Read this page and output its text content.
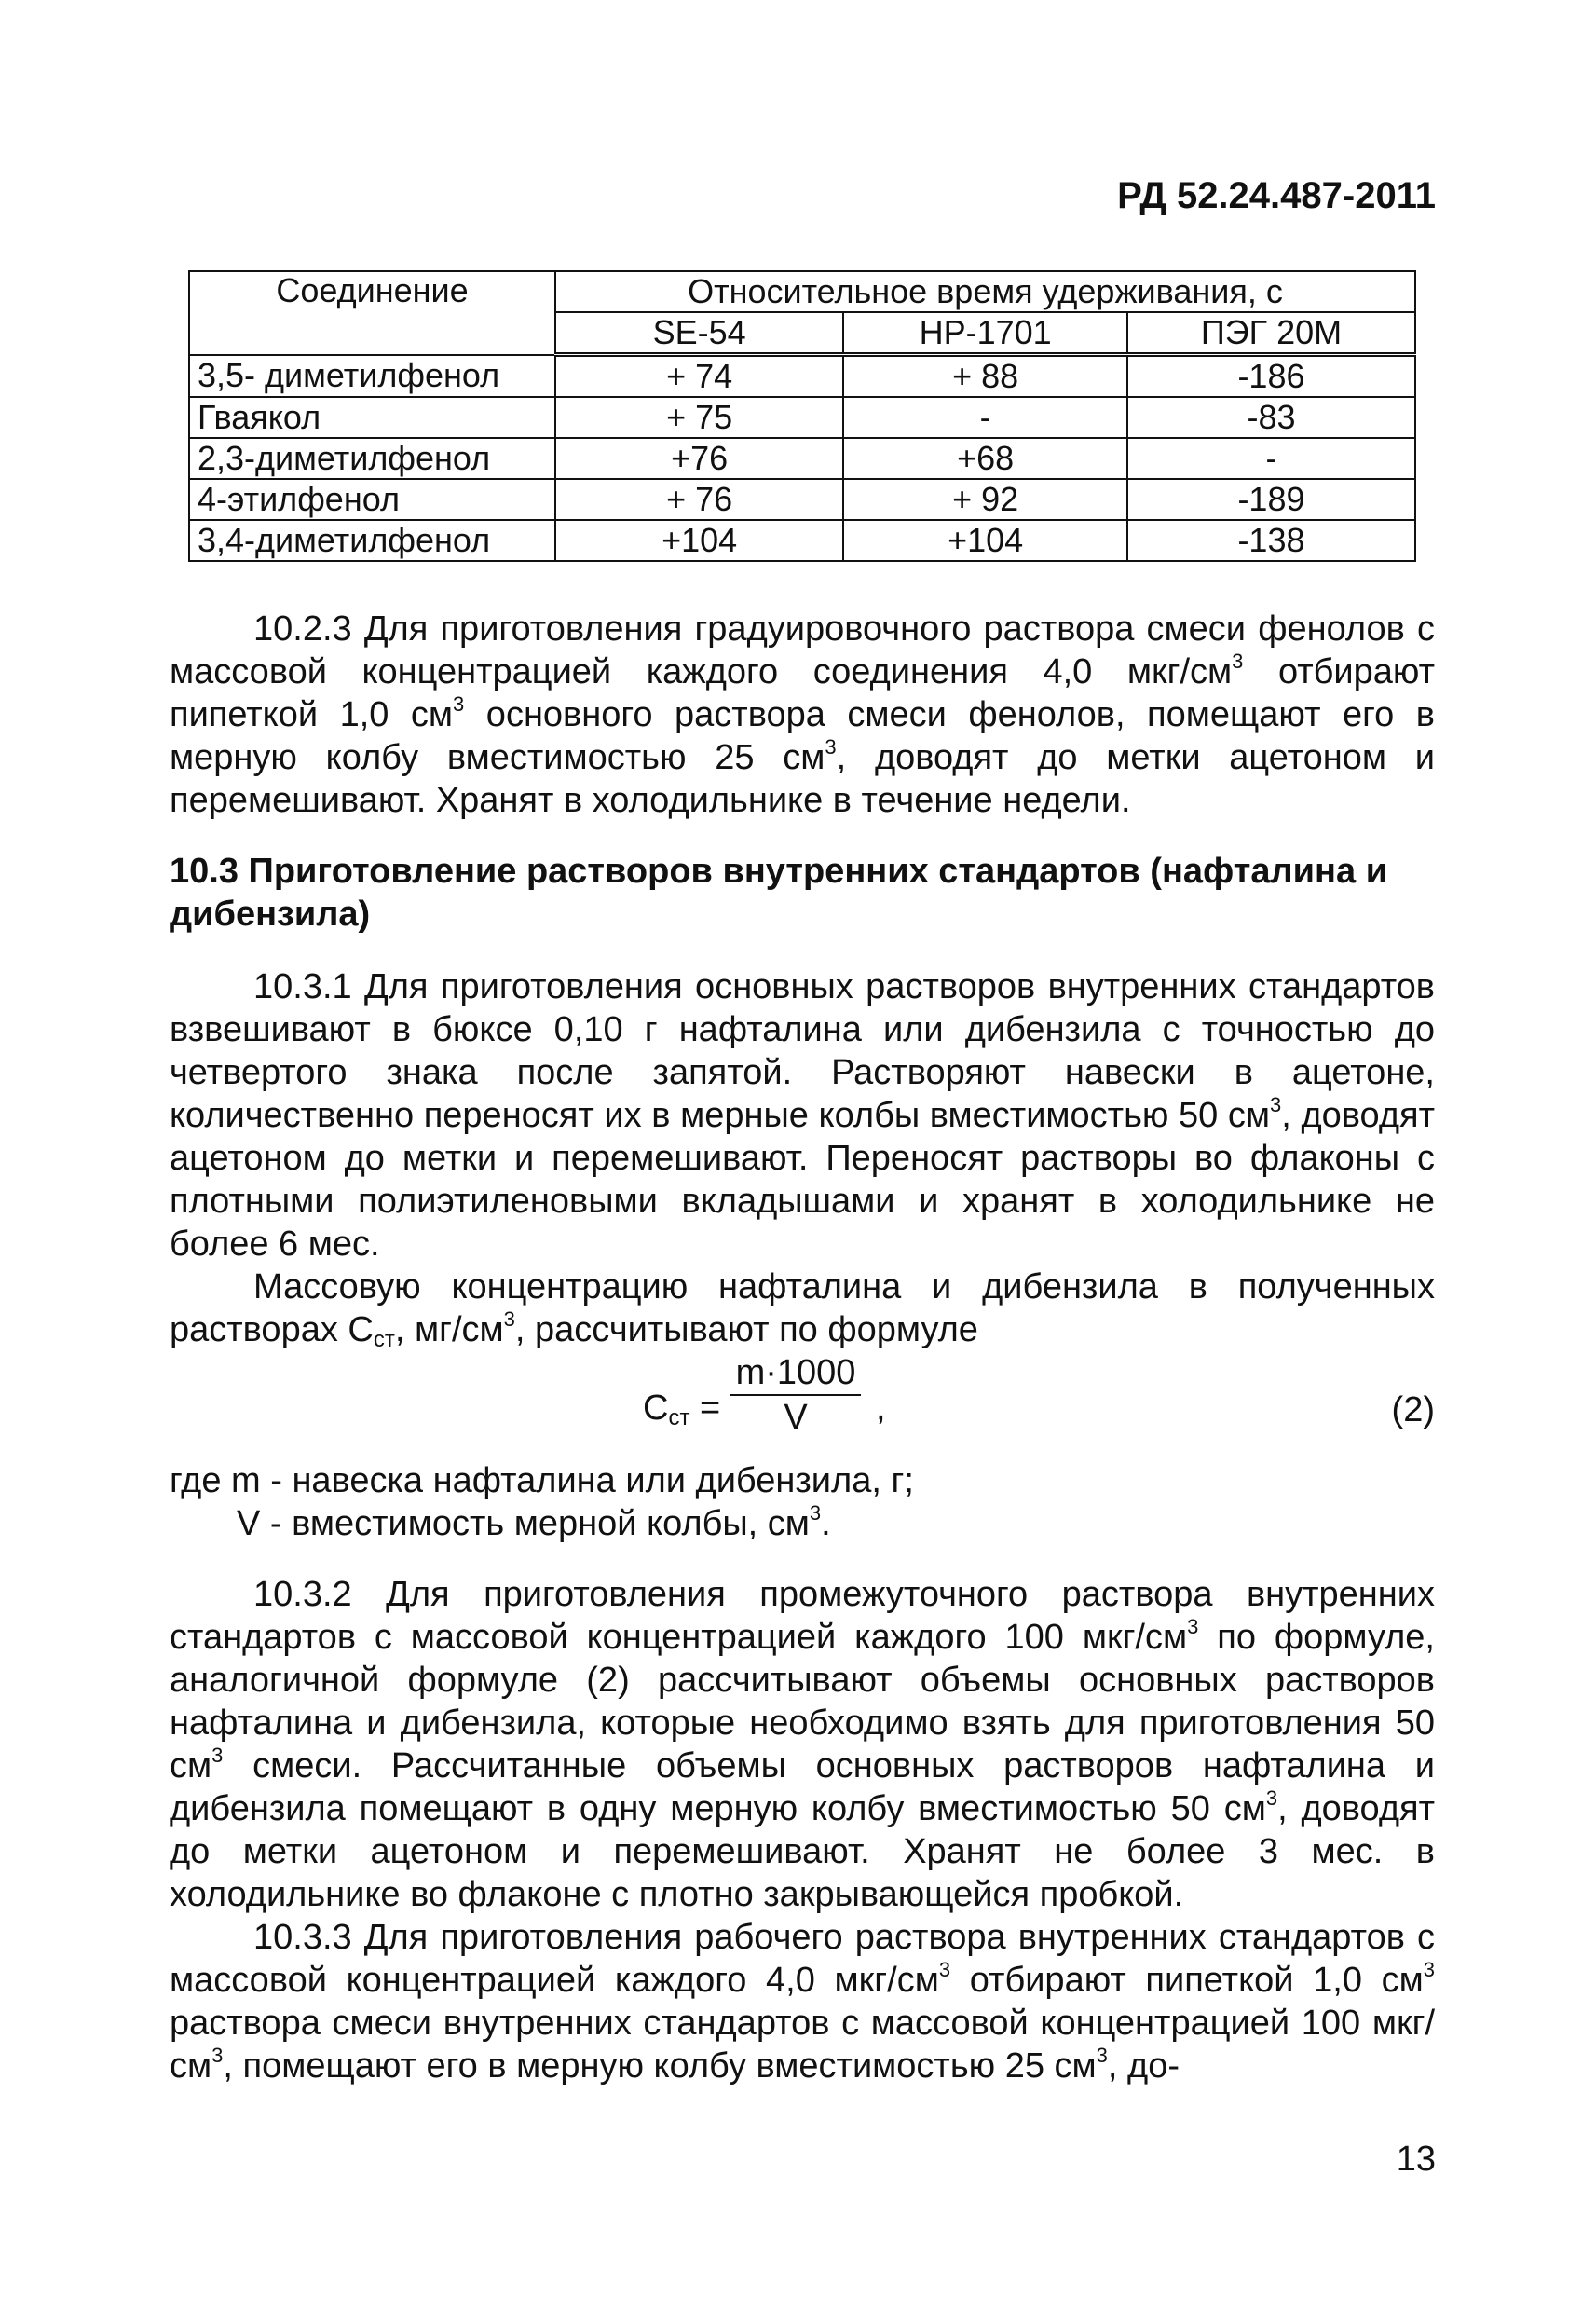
РД 52.24.487-2011
Соединение	Относительное время удерживания, с		
	SE-54	HP-1701	ПЭГ 20М
3,5- диметилфенол	+ 74	+ 88	-186
Гваякол	+ 75	-	-83
2,3-диметилфенол	+76	+68	-
4-этилфенол	+ 76	+ 92	-189
3,4-диметилфенол	+104	+104	-138

10.2.3 Для приготовления градуировочного раствора смеси фенолов с массовой концентрацией каждого соединения 4,0 мкг/$см^3$ отбирают пипеткой 1,0 $см^3$ основного раствора смеси фенолов, помещают его в мерную колбу вместимостью 25 $см^3$, доводят до метки ацетоном и перемешивают. Хранят в холодильнике в течение недели.

10.3 Приготовление растворов внутренних стандартов (нафталина и дибензила)

10.3.1 Для приготовления основных растворов внутренних стандартов взвешивают в бюксе 0,10 г нафталина или дибензила с точностью до четвертого знака после запятой. Растворяют навески в ацетоне, количественно переносят их в мерные колбы вместимостью 50 $см^3$, доводят ацетоном до метки и перемешивают. Переносят растворы во флаконы с плотными полиэтиленовыми вкладышами и хранят в холодильнике не более 6 мес.

Массовую концентрацию нафталина и дибензила в полученных растворах $С_{ст}$, $мг/см^3$, рассчитывают по формуле

$С_{ст} = \frac{m\cdot 1000}{V}$ ,	(2)

где m - навеска нафталина или дибензила, г;

V - вместимость мерной колбы, $см^3$.

10.3.2 Для приготовления промежуточного раствора внутренних стандартов с массовой концентрацией каждого 100 мкг/$см^3$ по формуле, аналогичной формуле (2) рассчитывают объемы основных растворов нафталина и дибензила, которые необходимо взять для приготовления 50 $см^3$ смеси. Рассчитанные объемы основных растворов нафталина и дибензила помещают в одну мерную колбу вместимостью 50 $см^3$, доводят до метки ацетоном и перемешивают. Хранят не более 3 мес. в холодильнике во флаконе с плотно закрывающейся пробкой.

10.3.3 Для приготовления рабочего раствора внутренних стандартов с массовой концентрацией каждого 4,0 мкг/$см^3$ отбирают пипеткой 1,0 $см^3$ раствора смеси внутренних стандартов с массовой концентрацией 100 мкг/$см^3$, помещают его в мерную колбу вместимостью 25 $см^3$, до-

13
